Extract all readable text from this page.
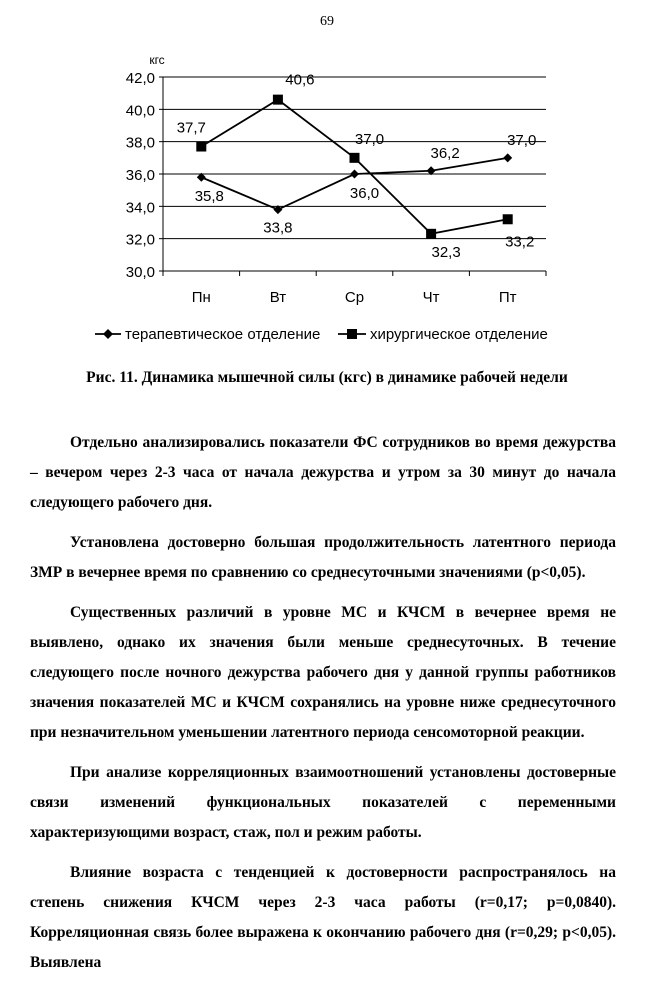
69
30,0
32,0
34,0
36,0
38,0
40,0
42,0
Пн	Вт	Ср	Чт	Пт
кгс
35,8
33,8
36,0
36,2
37,0
37,7
40,6
37,0
32,3
33,2
терапевтическое отделение	хирургическое отделение
Рис. 11. Динамика мышечной силы (кгс) в динамике рабочей недели

Отдельно анализировались показатели ФС сотрудников во время дежурства – вечером через 2-3 часа от начала дежурства и утром за 30 минут до начала следующего рабочего дня.

Установлена достоверно большая продолжительность латентного периода ЗМР в вечернее время по сравнению со среднесуточными значениями (p<0,05).

Существенных различий в уровне МС и КЧСМ в вечернее время не выявлено, однако их значения были меньше среднесуточных. В течение следующего после ночного дежурства рабочего дня у данной группы работников значения показателей МС и КЧСМ сохранялись на уровне ниже среднесуточного при незначительном уменьшении латентного периода сенсомоторной реакции.

При анализе корреляционных взаимоотношений установлены достоверные связи изменений функциональных показателей с переменными характеризующими возраст, стаж, пол и режим работы.

Влияние возраста с тенденцией к достоверности распространялось на степень снижения КЧСМ через 2-3 часа работы (r=0,17; p=0,0840). Корреляционная связь более выражена к окончанию рабочего дня (r=0,29; p<0,05). Выявлена
